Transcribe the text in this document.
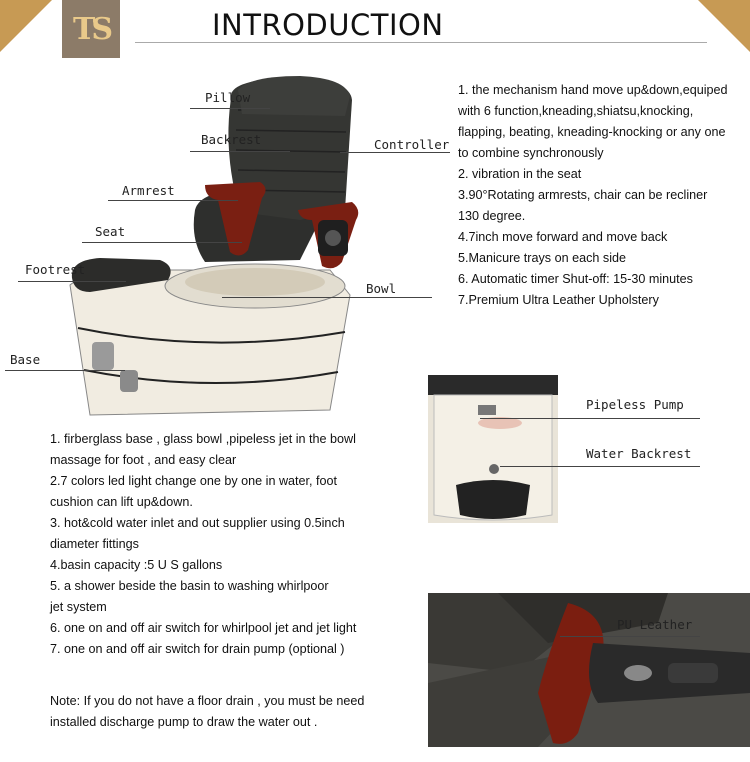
ТS	INTRODUCTION
Pillow
Backrest	Controller
Armrest
Seat
Footrest
Bowl
Base
1. the mechanism hand move up&down,equiped
with 6 function,kneading,shiatsu,knocking,
flapping, beating, kneading-knocking or any one
to combine synchronously
2. vibration in the seat
3.90°Rotating armrests, chair can be recliner
130 degree.
4.7inch move forward and move back
5.Manicure trays on each side
6. Automatic timer Shut-off: 15-30 minutes
7.Premium Ultra Leather Upholstery
Pipeless Pump
Water Backrest
1. firberglass base , glass bowl ,pipeless jet in the bowl
massage for foot , and easy clear
2.7 colors led light change one by one in water, foot
cushion can lift up&down.
3. hot&cold water inlet and out supplier using 0.5inch
diameter fittings
4.basin capacity :5 U S gallons
5. a shower beside the basin to washing whirlpoor
jet system
6. one on and off air switch for whirlpool jet and jet light
7. one on and off air switch for drain pump (optional )
Note: If you do not have a floor drain , you must be need
installed discharge pump to draw the water out .
PU Leather
